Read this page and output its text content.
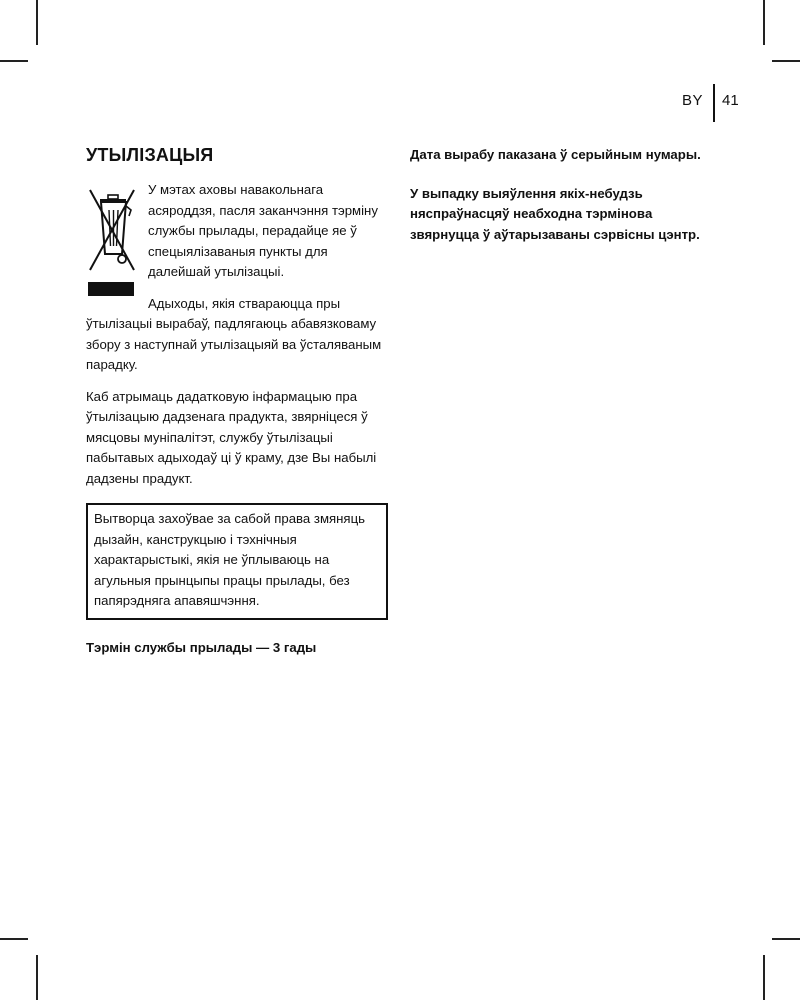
BY 41
УТЫЛІЗАЦЫЯ

У мэтах аховы навакольнага асяроддзя, пасля заканчэння тэрміну службы прылады, перадайце яе ў спецыялізаваныя пункты для далейшай утылізацыі.

Адыходы, якія ствараюцца пры ўтылізацыі вырабаў, падлягаюць абавязковаму збору з наступнай утылізацыяй ва ўсталяваным парадку.

Каб атрымаць дадатковую інфармацыю пра ўтылізацыю дадзенага прадукта, звярніцеся ў мясцовы муніпалітэт, службу ўтылізацыі пабытавых адыходаў ці ў краму, дзе Вы набылі дадзены прадукт.

Вытворца захоўвае за сабой права змяняць дызайн, канструкцыю і тэхнічныя характарыстыкі, якія не ўплываюць на агульныя прынцыпы працы прылады, без папярэдняга апавяшчэння.

Тэрмін службы прылады — 3 гады

Дата вырабу паказана ў серыйным нумары.

У выпадку выяўлення якіх-небудзь няспраўнасцяў неабходна тэрміновa звярнуцца ў аўтарызаваны сэрвісны цэнтр.
